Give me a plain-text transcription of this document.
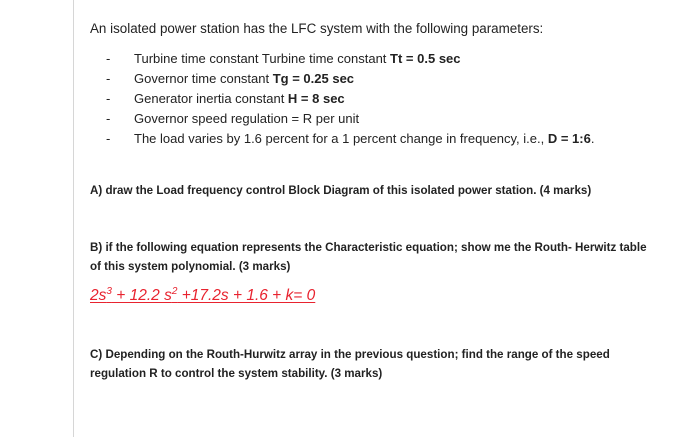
An isolated power station has the LFC system with the following parameters:
-	Turbine time constant Turbine time constant Tt = 0.5 sec
-	Governor time constant Tg = 0.25 sec
-	Generator inertia constant H = 8 sec
-	Governor speed regulation = R per unit
-	The load varies by 1.6 percent for a 1 percent change in frequency, i.e., D = 1:6.
A) draw the Load frequency control Block Diagram of this isolated power station. (4 marks)
B) if the following equation represents the Characteristic equation; show me the Routh- Herwitz table
of this system polynomial. (3 marks)
$2s^3 + 12.2$ $s^2 +17.2s + 1.6 + k= 0$
C) Depending on the Routh-Hurwitz array in the previous question; find the range of the speed
regulation R to control the system stability. (3 marks)
